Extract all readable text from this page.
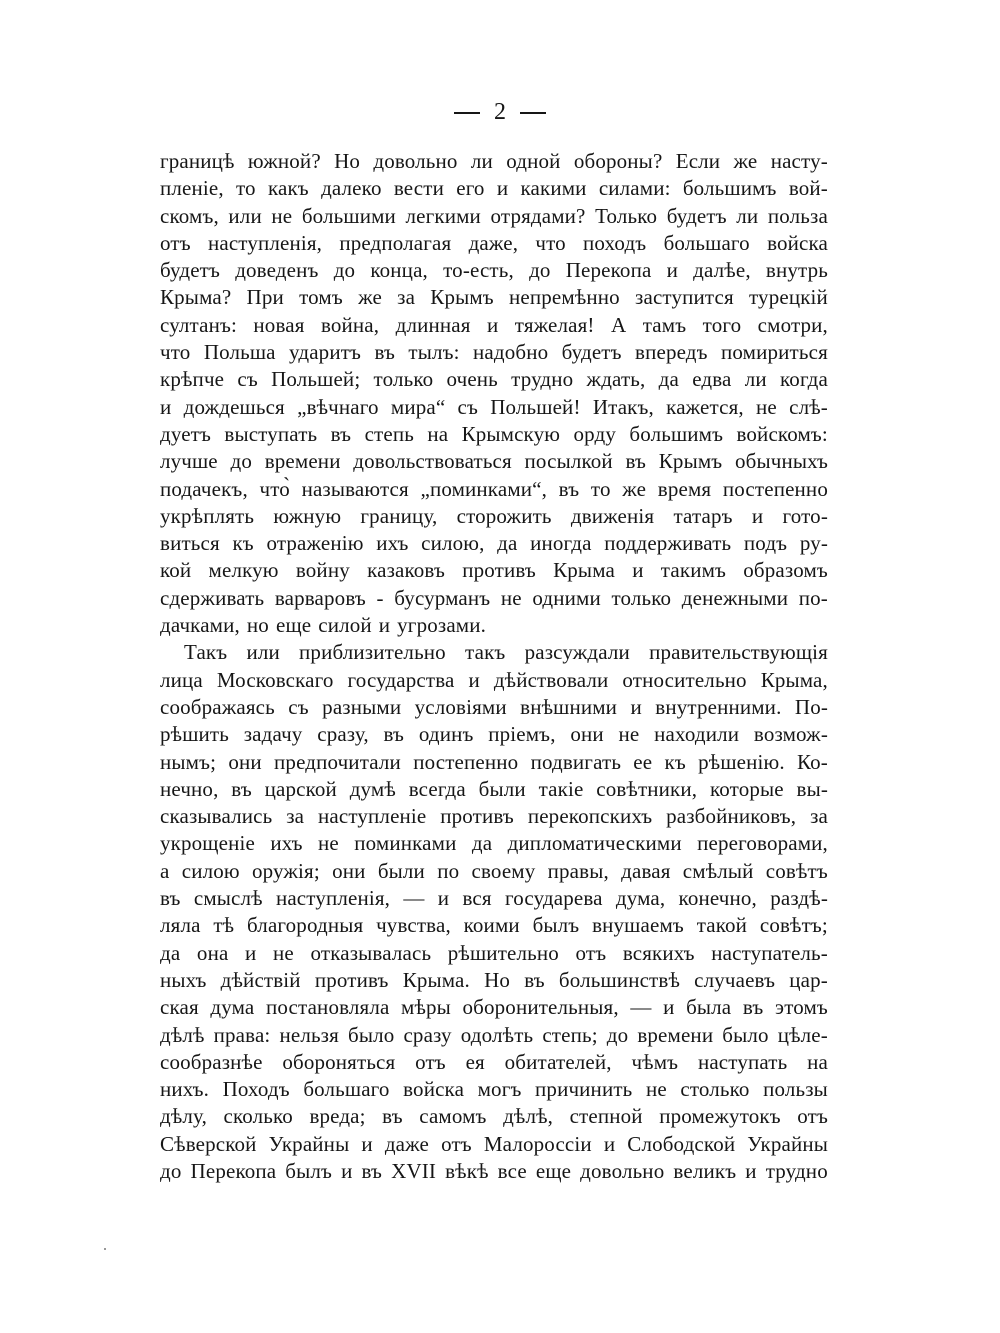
2
границѣ южной? Но довольно ли одной обороны? Если же насту-
пленіе, то какъ далеко вести его и какими силами: большимъ вой-
скомъ, или не большими легкими отрядами? Только будетъ ли польза
отъ наступленія, предполагая даже, что походъ большаго войска
будетъ доведенъ до конца, то-есть, до Перекопа и далѣе, внутрь
Крыма? При томъ же за Крымъ непремѣнно заступится турецкій
султанъ: новая война, длинная и тяжелая! А тамъ того смотри,
что Польша ударитъ въ тылъ: надобно будетъ впередъ помириться
крѣпче съ Польшей; только очень трудно ждать, да едва ли когда
и дождешься „вѣчнаго мира“ съ Польшей! Итакъ, кажется, не слѣ-
дуетъ выступать въ степь на Крымскую орду большимъ войскомъ:
лучше до времени довольствоваться посылкой въ Крымъ обычныхъ
подачекъ, что̀ называются „поминками“, въ то же время постепенно
укрѣплять южную границу, сторожить движенія татаръ и гото-
виться къ отраженію ихъ силою, да иногда поддерживать подъ ру-
кой мелкую войну казаковъ противъ Крыма и такимъ образомъ
сдерживать варваровъ - бусурманъ не одними только денежными по-
дачками, но еще силой и угрозами.
Такъ или приблизительно такъ разсуждали правительствующія
лица Московскаго государства и дѣйствовали относительно Крыма,
соображаясь съ разными условіями внѣшними и внутренними. По-
рѣшить задачу сразу, въ одинъ пріемъ, они не находили возмож-
нымъ; они предпочитали постепенно подвигать ее къ рѣшенію. Ко-
нечно, въ царской думѣ всегда были такіе совѣтники, которые вы-
сказывались за наступленіе противъ перекопскихъ разбойниковъ, за
укрощеніе ихъ не поминками да дипломатическими переговорами,
а силою оружія; они были по своему правы, давая смѣлый совѣтъ
въ смыслѣ наступленія, — и вся государева дума, конечно, раздѣ-
ляла тѣ благородныя чувства, коими былъ внушаемъ такой совѣтъ;
да она и не отказывалась рѣшительно отъ всякихъ наступатель-
ныхъ дѣйствій противъ Крыма. Но въ большинствѣ случаевъ цар-
ская дума постановляла мѣры оборонительныя, — и была въ этомъ
дѣлѣ права: нельзя было сразу одолѣть степь; до времени было цѣле-
сообразнѣе обороняться отъ ея обитателей, чѣмъ наступать на
нихъ. Походъ большаго войска могъ причинить не столько пользы
дѣлу, сколько вреда; въ самомъ дѣлѣ, степной промежутокъ отъ
Сѣверской Украйны и даже отъ Малороссіи и Слободской Украйны
до Перекопа былъ и въ XVII вѣкѣ все еще довольно великъ и трудно
